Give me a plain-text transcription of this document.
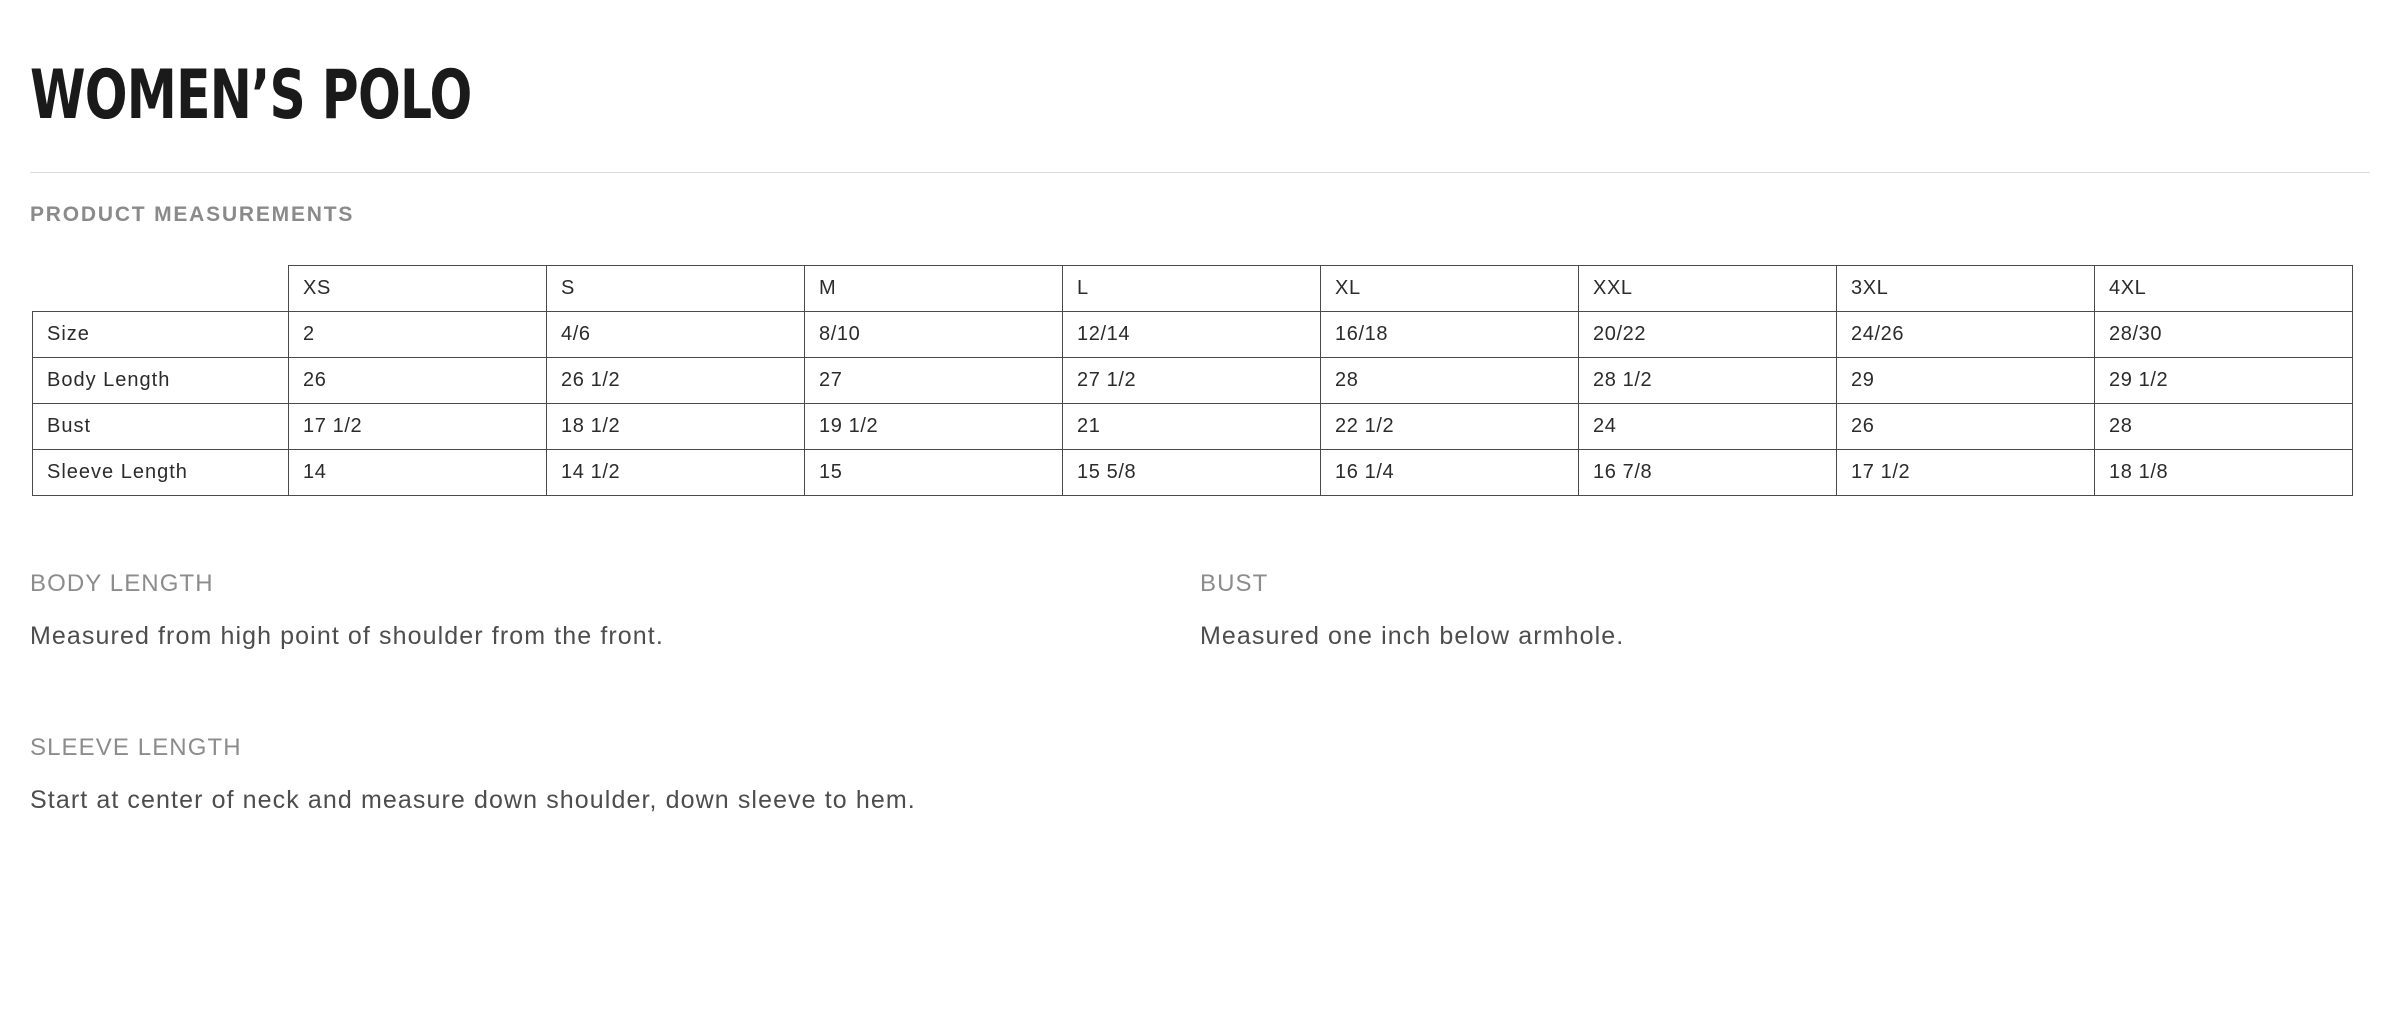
WOMEN’S POLO
PRODUCT MEASUREMENTS
	XS	S	M	L	XL	XXL	3XL	4XL
Size	2	4/6	8/10	12/14	16/18	20/22	24/26	28/30
Body Length	26	26 1/2	27	27 1/2	28	28 1/2	29	29 1/2
Bust	17 1/2	18 1/2	19 1/2	21	22 1/2	24	26	28
Sleeve Length	14	14 1/2	15	15 5/8	16 1/4	16 7/8	17 1/2	18 1/8
BODY LENGTH

Measured from high point of shoulder from the front.

BUST

Measured one inch below armhole.

SLEEVE LENGTH

Start at center of neck and measure down shoulder, down sleeve to hem.
